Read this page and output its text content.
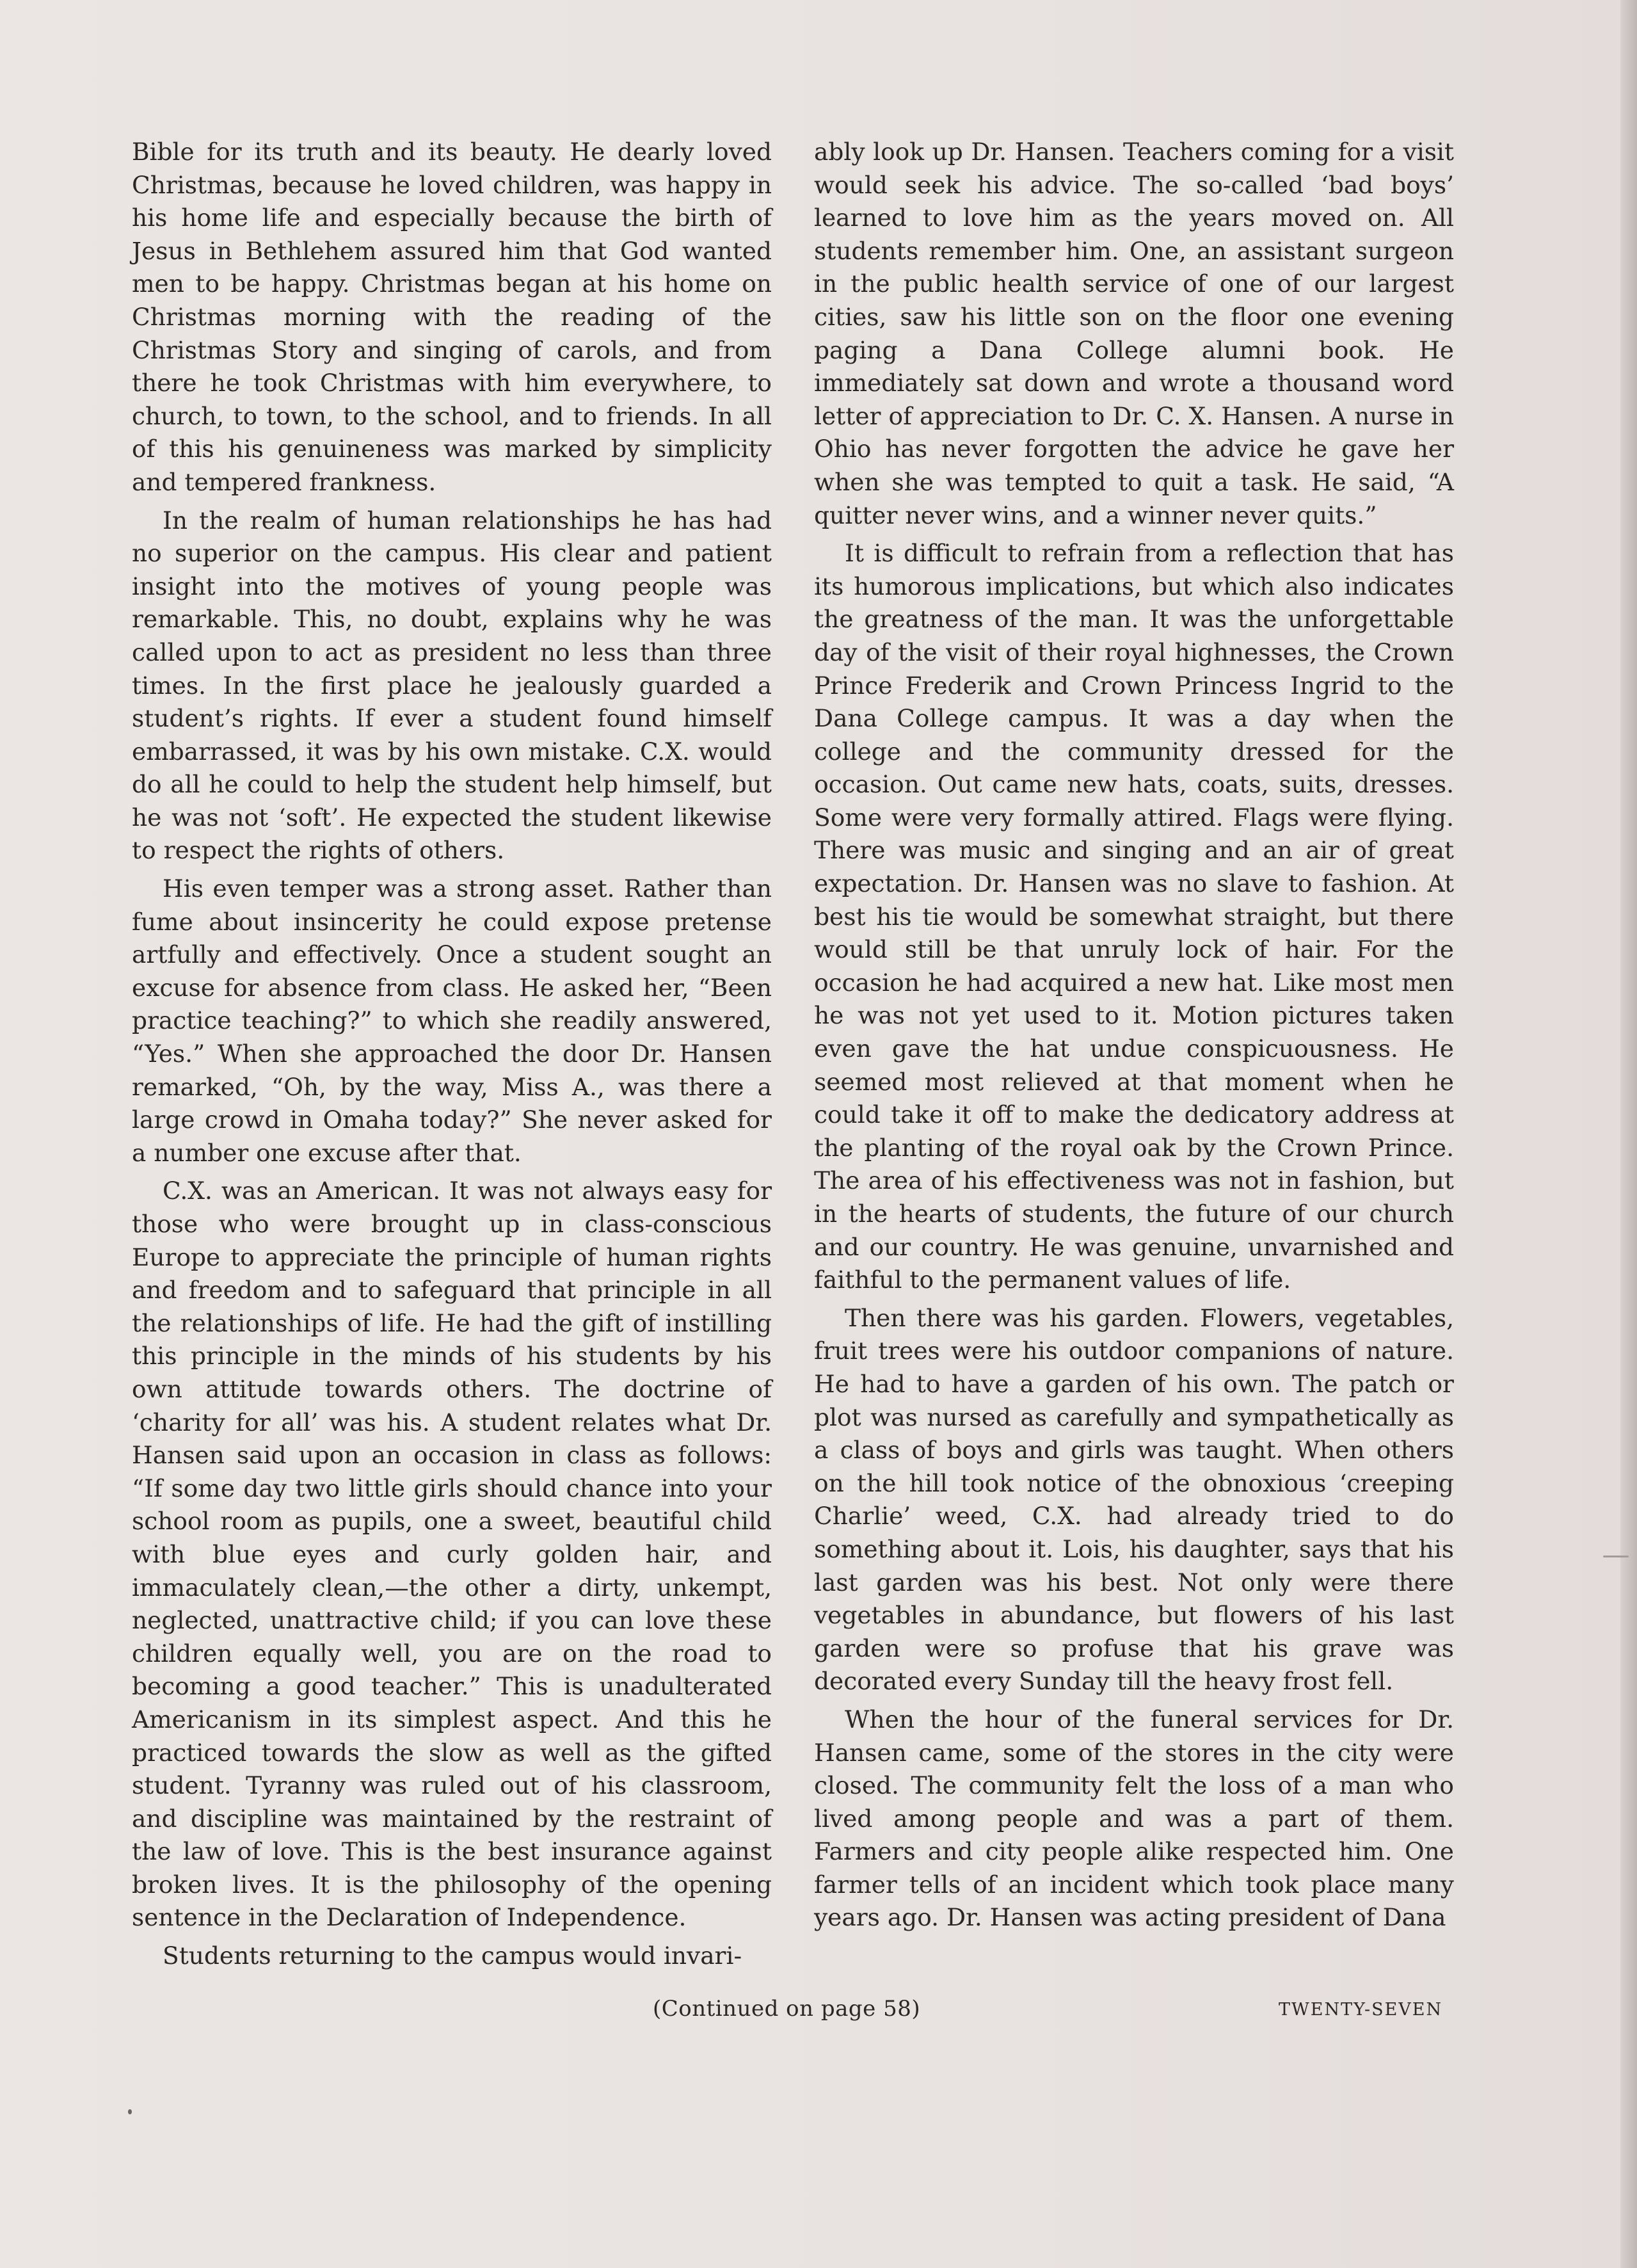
Bible for its truth and its beauty. He dearly loved Christmas, because he loved children, was happy in his home life and especially because the birth of Jesus in Bethlehem assured him that God wanted men to be happy. Christmas began at his home on Christmas morning with the reading of the Christmas Story and singing of carols, and from there he took Christmas with him everywhere, to church, to town, to the school, and to friends. In all of this his genuineness was marked by simplicity and tempered frankness.

In the realm of human relationships he has had no superior on the campus. His clear and patient insight into the motives of young people was remarkable. This, no doubt, explains why he was called upon to act as president no less than three times. In the first place he jealously guarded a student’s rights. If ever a student found himself embarrassed, it was by his own mistake. C.X. would do all he could to help the student help himself, but he was not ‘soft’. He expected the student likewise to respect the rights of others.

His even temper was a strong asset. Rather than fume about insincerity he could expose pretense artfully and effectively. Once a student sought an excuse for absence from class. He asked her, “Been practice teaching?” to which she readily answered, “Yes.” When she approached the door Dr. Hansen remarked, “Oh, by the way, Miss A., was there a large crowd in Omaha today?” She never asked for a number one excuse after that.

C.X. was an American. It was not always easy for those who were brought up in class-conscious Europe to appreciate the principle of human rights and freedom and to safeguard that principle in all the relationships of life. He had the gift of instilling this principle in the minds of his students by his own attitude towards others. The doctrine of ‘charity for all’ was his. A student relates what Dr. Hansen said upon an occasion in class as follows: “If some day two little girls should chance into your school room as pupils, one a sweet, beautiful child with blue eyes and curly golden hair, and immaculately clean,—the other a dirty, unkempt, neglected, unattractive child; if you can love these children equally well, you are on the road to becoming a good teacher.” This is unadulterated Americanism in its simplest aspect. And this he practiced towards the slow as well as the gifted student. Tyranny was ruled out of his classroom, and discipline was maintained by the restraint of the law of love. This is the best insurance against broken lives. It is the philosophy of the opening sentence in the Declaration of Independence.

Students returning to the campus would invari-

ably look up Dr. Hansen. Teachers coming for a visit would seek his advice. The so-called ‘bad boys’ learned to love him as the years moved on. All students remember him. One, an assistant surgeon in the public health service of one of our largest cities, saw his little son on the floor one evening paging a Dana College alumni book. He immediately sat down and wrote a thousand word letter of appreciation to Dr. C. X. Hansen. A nurse in Ohio has never forgotten the advice he gave her when she was tempted to quit a task. He said, “A quitter never wins, and a winner never quits.”

It is difficult to refrain from a reflection that has its humorous implications, but which also indicates the greatness of the man. It was the unforgettable day of the visit of their royal highnesses, the Crown Prince Frederik and Crown Princess Ingrid to the Dana College campus. It was a day when the college and the community dressed for the occasion. Out came new hats, coats, suits, dresses. Some were very formally attired. Flags were flying. There was music and singing and an air of great expectation. Dr. Hansen was no slave to fashion. At best his tie would be somewhat straight, but there would still be that unruly lock of hair. For the occasion he had acquired a new hat. Like most men he was not yet used to it. Motion pictures taken even gave the hat undue conspicuousness. He seemed most relieved at that moment when he could take it off to make the dedicatory address at the planting of the royal oak by the Crown Prince. The area of his effectiveness was not in fashion, but in the hearts of students, the future of our church and our country. He was genuine, unvarnished and faithful to the permanent values of life.

Then there was his garden. Flowers, vegetables, fruit trees were his outdoor companions of nature. He had to have a garden of his own. The patch or plot was nursed as carefully and sympathetically as a class of boys and girls was taught. When others on the hill took notice of the obnoxious ‘creeping Charlie’ weed, C.X. had already tried to do something about it. Lois, his daughter, says that his last garden was his best. Not only were there vegetables in abundance, but flowers of his last garden were so profuse that his grave was decorated every Sunday till the heavy frost fell.

When the hour of the funeral services for Dr. Hansen came, some of the stores in the city were closed. The community felt the loss of a man who lived among people and was a part of them. Farmers and city people alike respected him. One farmer tells of an incident which took place many years ago. Dr. Hansen was acting president of Dana

(Continued on page 58)	TWENTY-SEVEN
